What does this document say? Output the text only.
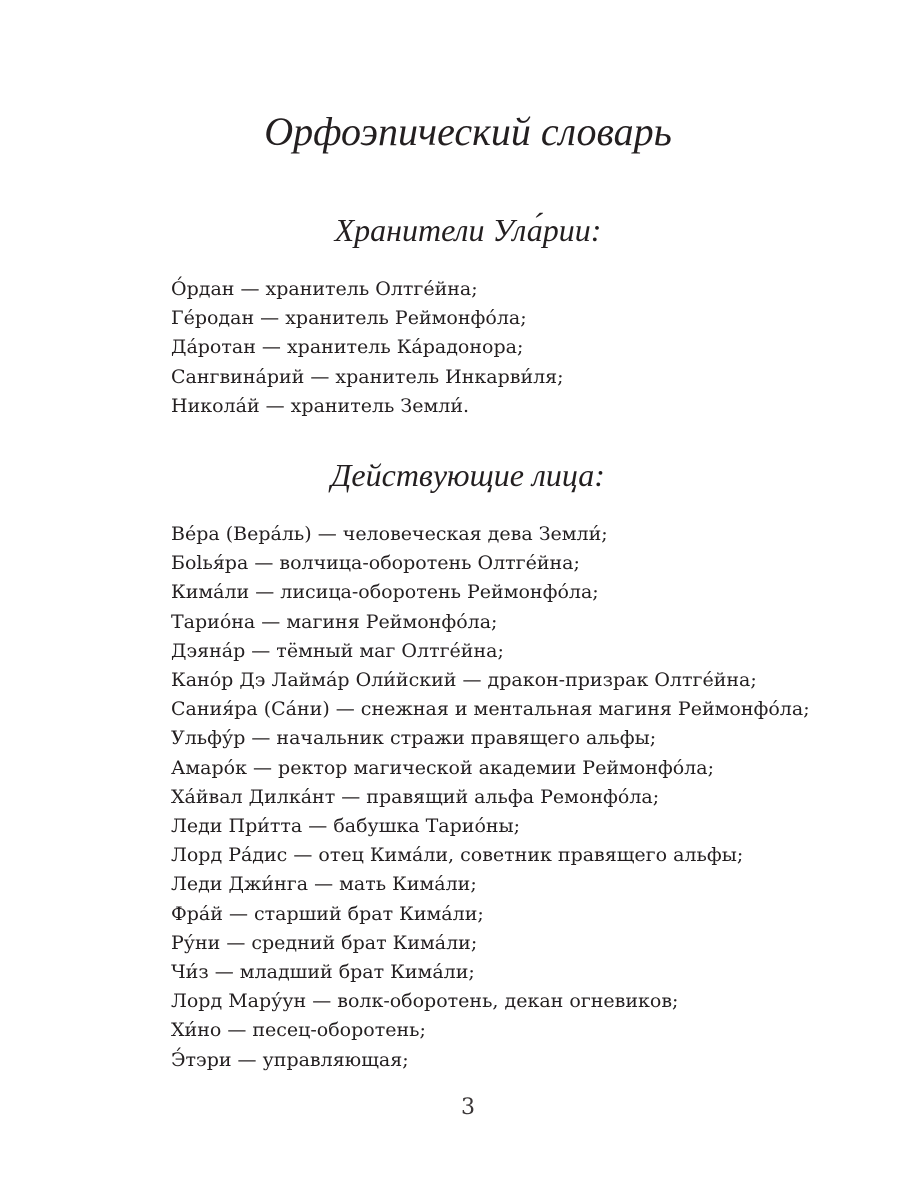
Орфоэпический словарь
Хранители Ула́рии:
О́рдан — хранитель Олтге́йна;
Ге́родан — хранитель Реймонфо́ла;
Да́ротан — хранитель Ка́радонора;
Сангвина́рий — хранитель Инкарви́ля;
Никола́й — хранитель Земли́.
Действующие лица:
Ве́ра (Вера́ль) — человеческая дева Земли́;
Боlья́ра — волчица-оборотень Олтге́йна;
Кима́ли — лисица-оборотень Реймонфо́ла;
Тарио́на — магиня Реймонфо́ла;
Дэяна́р — тёмный маг Олтге́йна;
Кано́р Дэ Лайма́р Оли́йский — дракон-призрак Олтге́йна;
Сания́ра (Са́ни) — снежная и ментальная магиня Реймонфо́ла;
Ульфу́р — начальник стражи правящего альфы;
Амаро́к — ректор магической академии Реймонфо́ла;
Ха́йвал Дилка́нт — правящий альфа Ремонфо́ла;
Леди При́тта — бабушка Тарио́ны;
Лорд Ра́дис — отец Кима́ли, советник правящего альфы;
Леди Джи́нга — мать Кима́ли;
Фра́й — старший брат Кима́ли;
Ру́ни — средний брат Кима́ли;
Чи́з — младший брат Кима́ли;
Лорд Мару́ун — волк-оборотень, декан огневиков;
Хи́но — песец-оборотень;
Э́тэри — управляющая;
3
